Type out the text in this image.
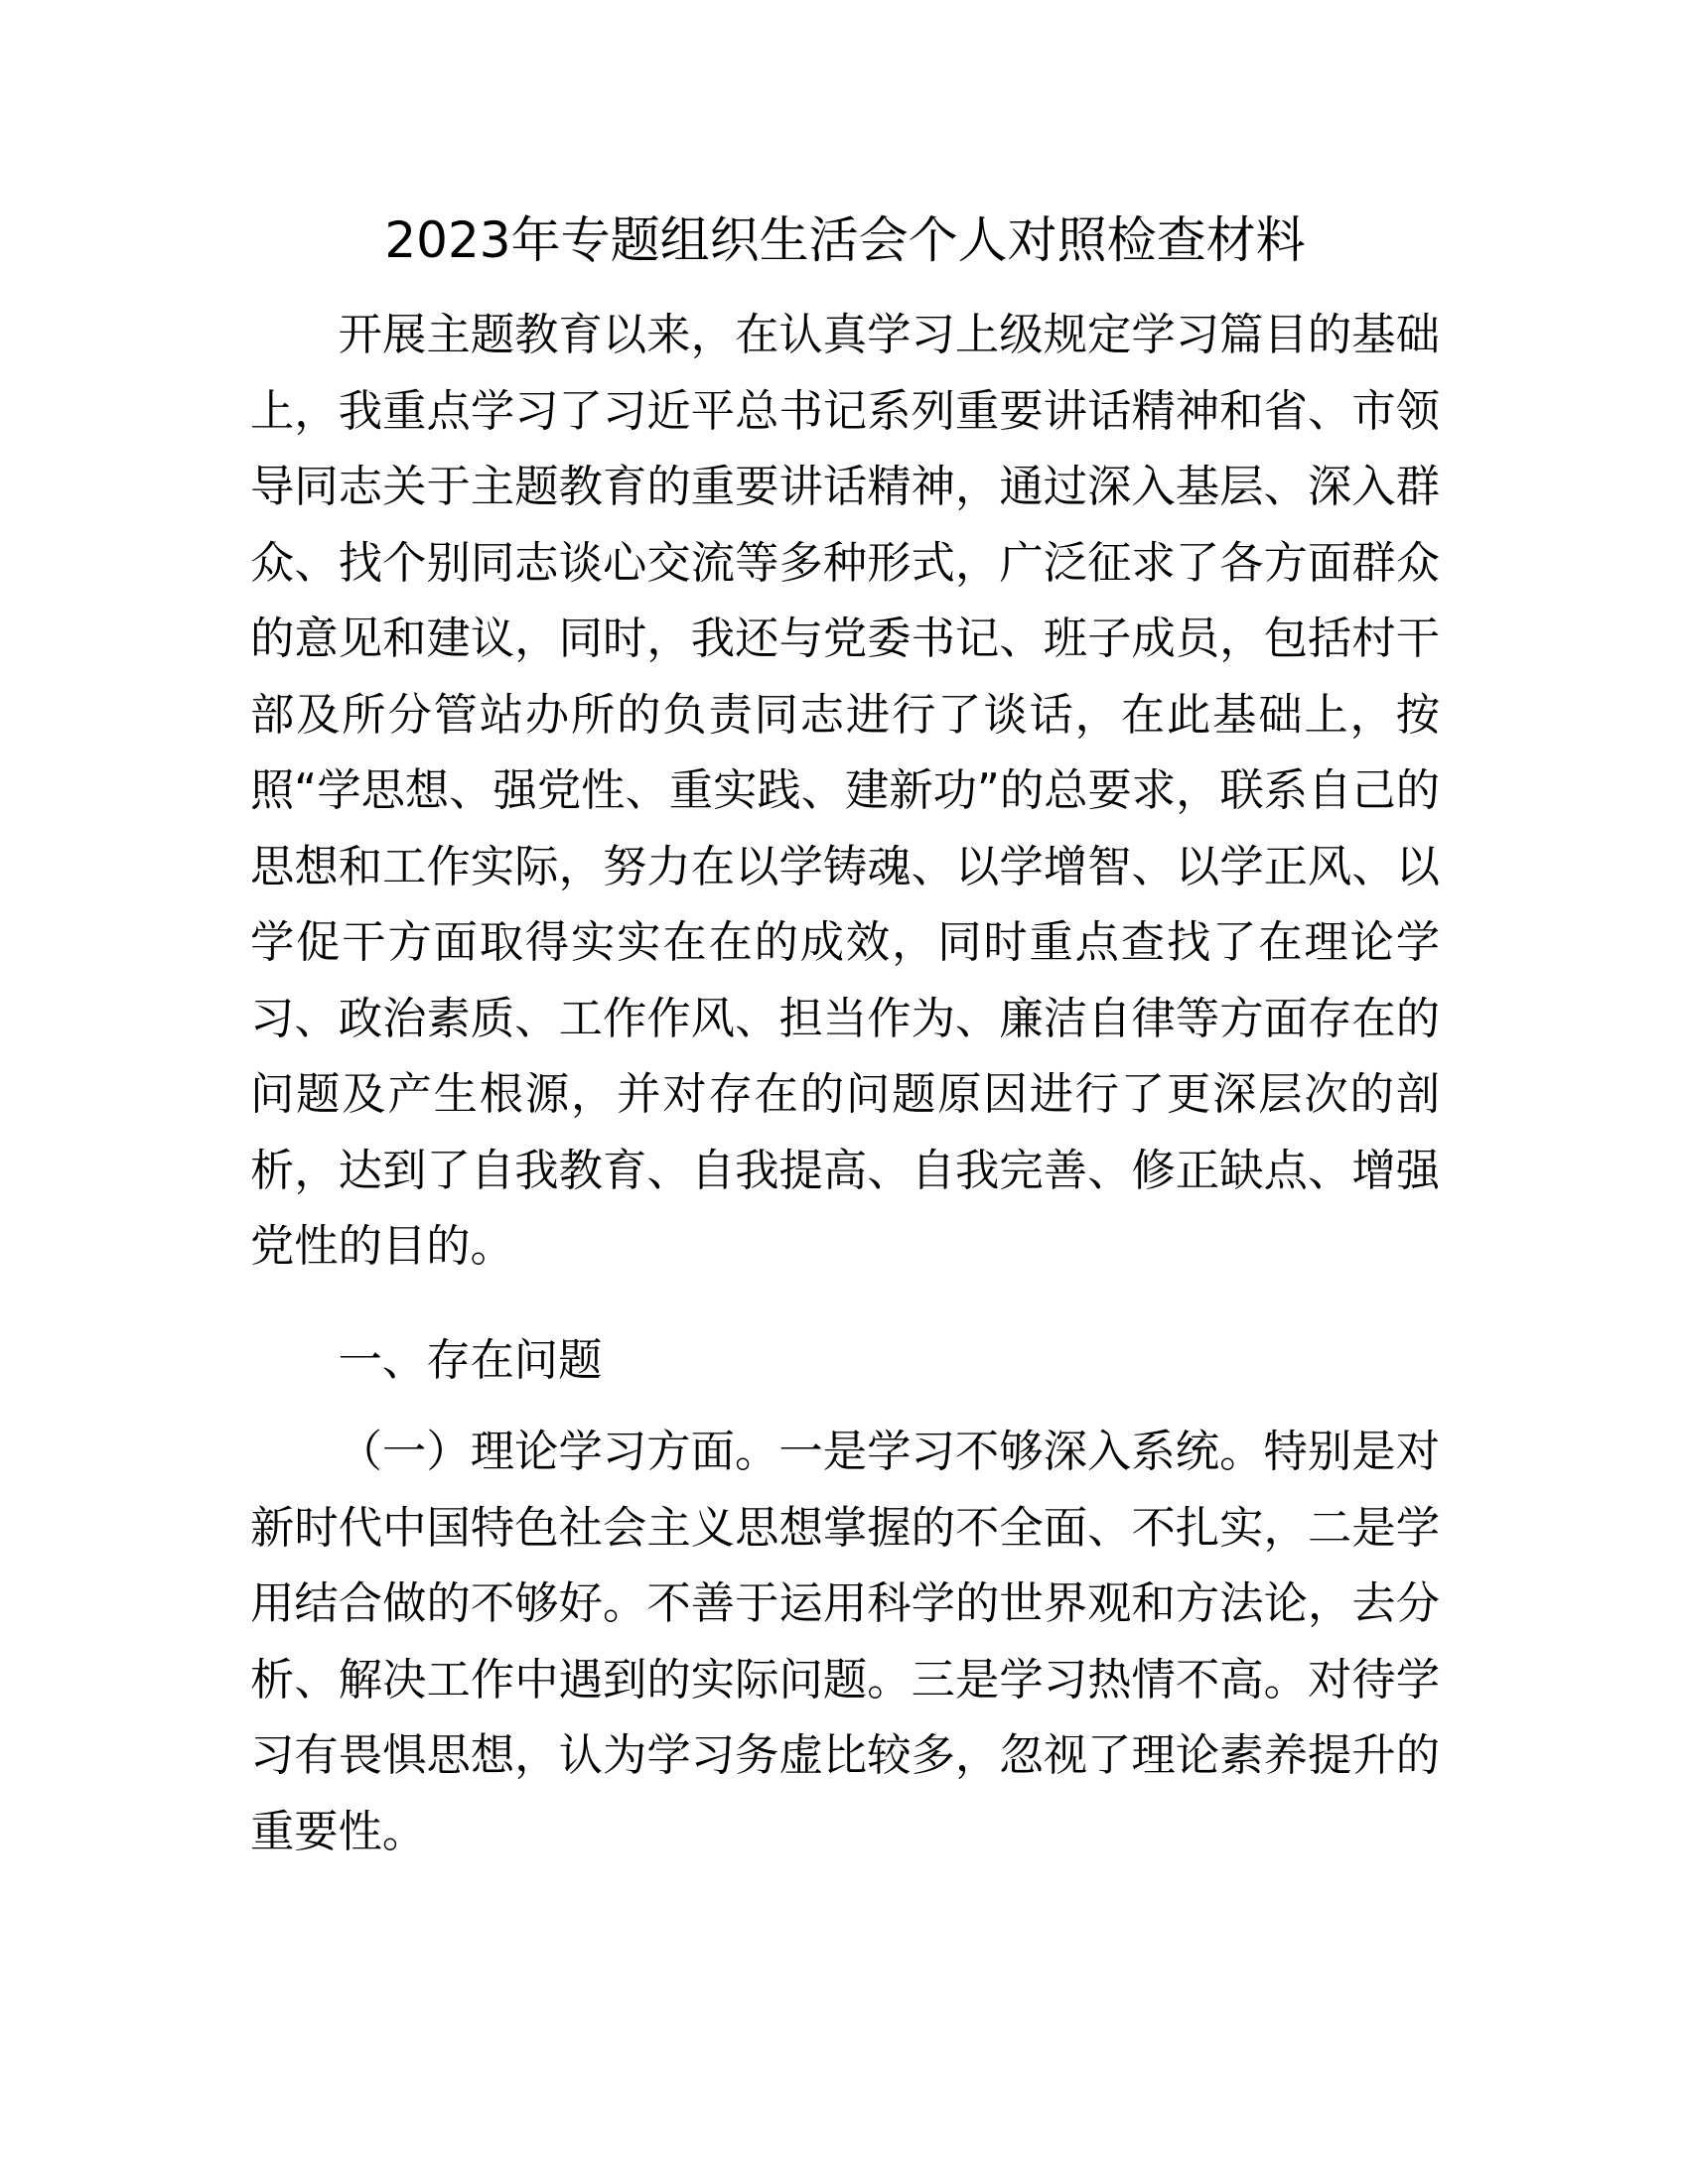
2023年专题组织生活会个人对照检查材料

开展主题教育以来，在认真学习上级规定学习篇目的基础上，我重点学习了习近平总书记系列重要讲话精神和省、市领导同志关于主题教育的重要讲话精神，通过深入基层、深入群众、找个别同志谈心交流等多种形式，广泛征求了各方面群众的意见和建议，同时，我还与党委书记、班子成员，包括村干部及所分管站办所的负责同志进行了谈话，在此基础上，按照“学思想、强党性、重实践、建新功”的总要求，联系自己的思想和工作实际，努力在以学铸魂、以学增智、以学正风、以学促干方面取得实实在在的成效，同时重点查找了在理论学习、政治素质、工作作风、担当作为、廉洁自律等方面存在的问题及产生根源，并对存在的问题原因进行了更深层次的剖析，达到了自我教育、自我提高、自我完善、修正缺点、增强党性的目的。

一、存在问题

（一）理论学习方面。一是学习不够深入系统。特别是对新时代中国特色社会主义思想掌握的不全面、不扎实，二是学用结合做的不够好。不善于运用科学的世界观和方法论，去分析、解决工作中遇到的实际问题。三是学习热情不高。对待学习有畏惧思想，认为学习务虚比较多，忽视了理论素养提升的重要性。
